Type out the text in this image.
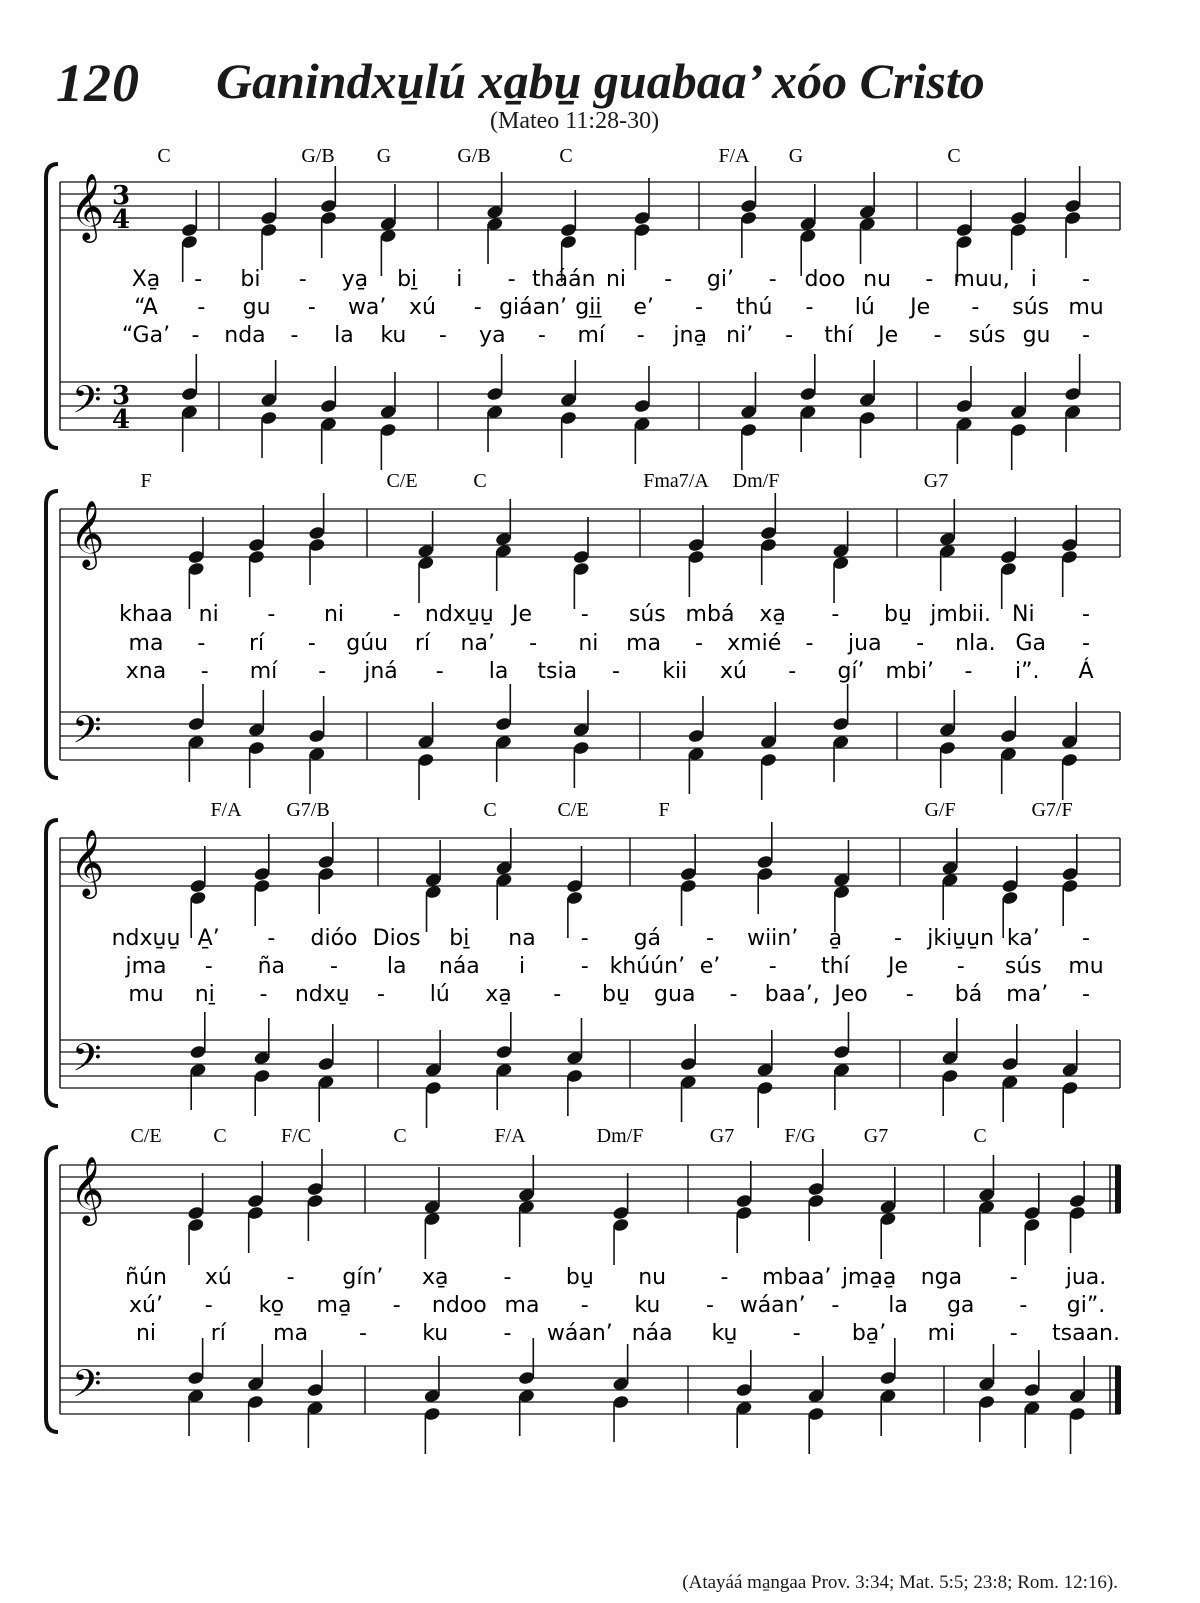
120 Ganindxu̱lú xa̱bu̱ guabaa’ xóo Cristo
(Mateo 11:28-30)
𝄞
𝄢
3
4
3
4
C	G/B G	G/B	C	F/A G	C
Xa̱ - bi - ya̱ bi̱ i - tháán ni - gi’ - doo nu - muu, i -
“A - gu - wa’ xú - giáan’ gi̱i̱ e’ - thú - lú Je - sús mu
“Ga’ - nda - la ku - ya - mí - jna̱ ni’ - thí Je - sús gu -
𝄞
𝄢
F	C/E	C	Fma7/A Dm/F	G7
khaa ni - ni - ndxu̱u̱ Je - sús mbá xa̱ - bu̱ jmbii. Ni -
ma - rí - gúu rí na’ - ni ma - xmié - jua - nla. Ga -
xna - mí - jná - la tsia - kii xú - gí’ mbi’ - i”. Á
𝄞
𝄢
F/A G7/B	C	C/E	F	G/F	G7/F
ndxu̱u̱ A̱’ - dióo Dios bi̱ na - gá - wiin’ a̱ - jkiu̱u̱n ka’ -
jma - ña - la náa i	- khúún’ e’ - thí Je - sús mu
mu ni̱ - ndxu̱ - lú xa̱ - bu̱ gua - baa’, Jeo - bá ma’ -
𝄞
𝄢
C/E	C	F/C	C	F/A	Dm/F	G7	F/G G7	C
ñún xú - gín’ xa̱	- bu̱ nu - mbaa’ jma̱a̱ nga - jua.
xú’ - ko̱ ma̱ - ndoo ma - ku - wáan’ - la ga - gi”.
ni rí ma -	ku	- wáan’ náa ku̱	- ba̱’ mi - tsaan.
(Atayáá ma̱ngaa Prov. 3:34; Mat. 5:5; 23:8; Rom. 12:16).
